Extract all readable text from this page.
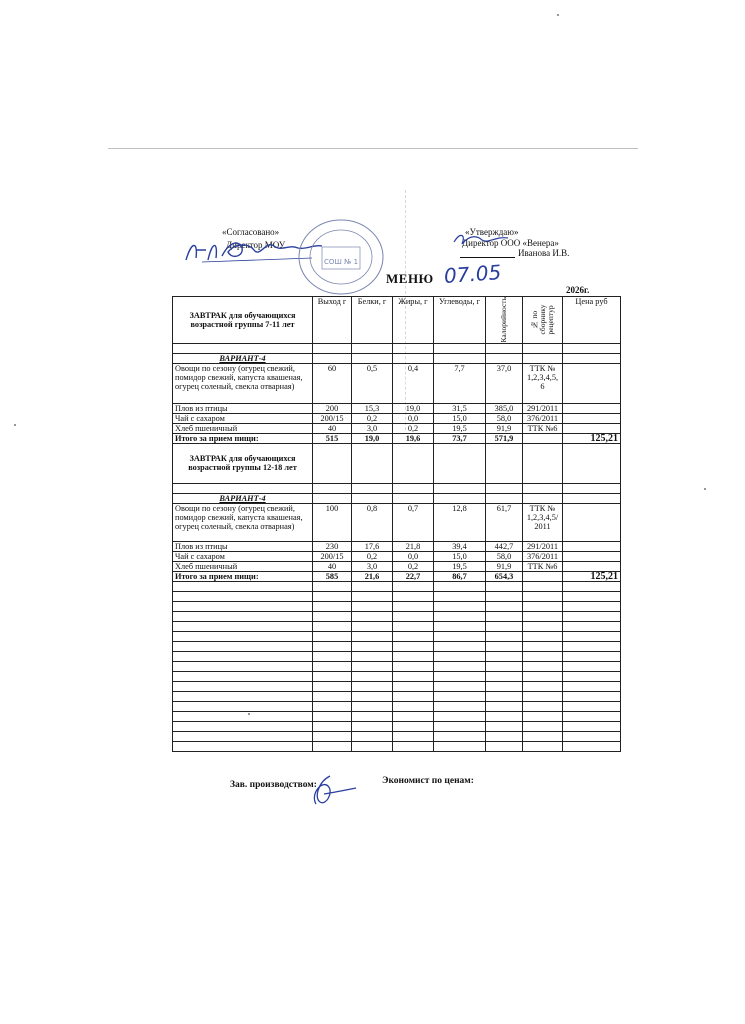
«Согласовано»
Директор МОУ
СОШ № 1
«Утверждаю»
Директор ООО «Венера»
Иванова И.В.
МЕНЮ 07.05
2026г.
ЗАВТРАК для обучающихся возрастной группы 7-11 лет	Выход г	Белки, г	Жиры, г	Углеводы, г	Калорийность	№ по сборнику рецептур	Цена руб

ВАРИАНТ-4							
Овощи по сезону (огурец свежий, помидор свежий, капуста квашеная, огурец соленый, свекла отварная)	60	0,5	0,4	7,7	37,0	ТТК № 1,2,3,4,5, 6	
Плов из птицы	200	15,3	19,0	31,5	385,0	291/2011	
Чай с сахаром	200/15	0,2	0,0	15,0	58,0	376/2011	
Хлеб пшеничный	40	3,0	0,2	19,5	91,9	ТТК №6	
Итого за прием пищи:	515	19,0	19,6	73,7	571,9		125,21
ЗАВТРАК для обучающихся возрастной группы 12-18 лет							

ВАРИАНТ-4							
Овощи по сезону (огурец свежий, помидор свежий, капуста квашеная, огурец соленый, свекла отварная)	100	0,8	0,7	12,8	61,7	ТТК № 1,2,3,4,5/ 2011	
Плов из птицы	230	17,6	21,8	39,4	442,7	291/2011	
Чай с сахаром	200/15	0,2	0,0	15,0	58,0	376/2011	
Хлеб пшеничный	40	3,0	0,2	19,5	91,9	ТТК №6	
Итого за прием пищи:	585	21,6	22,7	86,7	654,3		125,21

Зав. производством:	Экономист по ценам:
